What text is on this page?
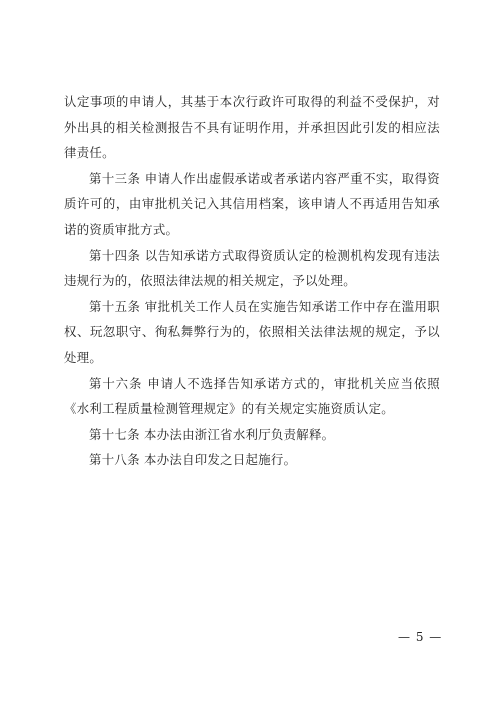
认定事项的申请人，其基于本次行政许可取得的利益不受保护，对外出具的相关检测报告不具有证明作用，并承担因此引发的相应法律责任。

第十三条 申请人作出虚假承诺或者承诺内容严重不实，取得资质许可的，由审批机关记入其信用档案，该申请人不再适用告知承诺的资质审批方式。

第十四条 以告知承诺方式取得资质认定的检测机构发现有违法违规行为的，依照法律法规的相关规定，予以处理。

第十五条 审批机关工作人员在实施告知承诺工作中存在滥用职权、玩忽职守、徇私舞弊行为的，依照相关法律法规的规定，予以处理。

第十六条 申请人不选择告知承诺方式的，审批机关应当依照《水利工程质量检测管理规定》的有关规定实施资质认定。

第十七条 本办法由浙江省水利厅负责解释。

第十八条 本办法自印发之日起施行。

— 5 —
